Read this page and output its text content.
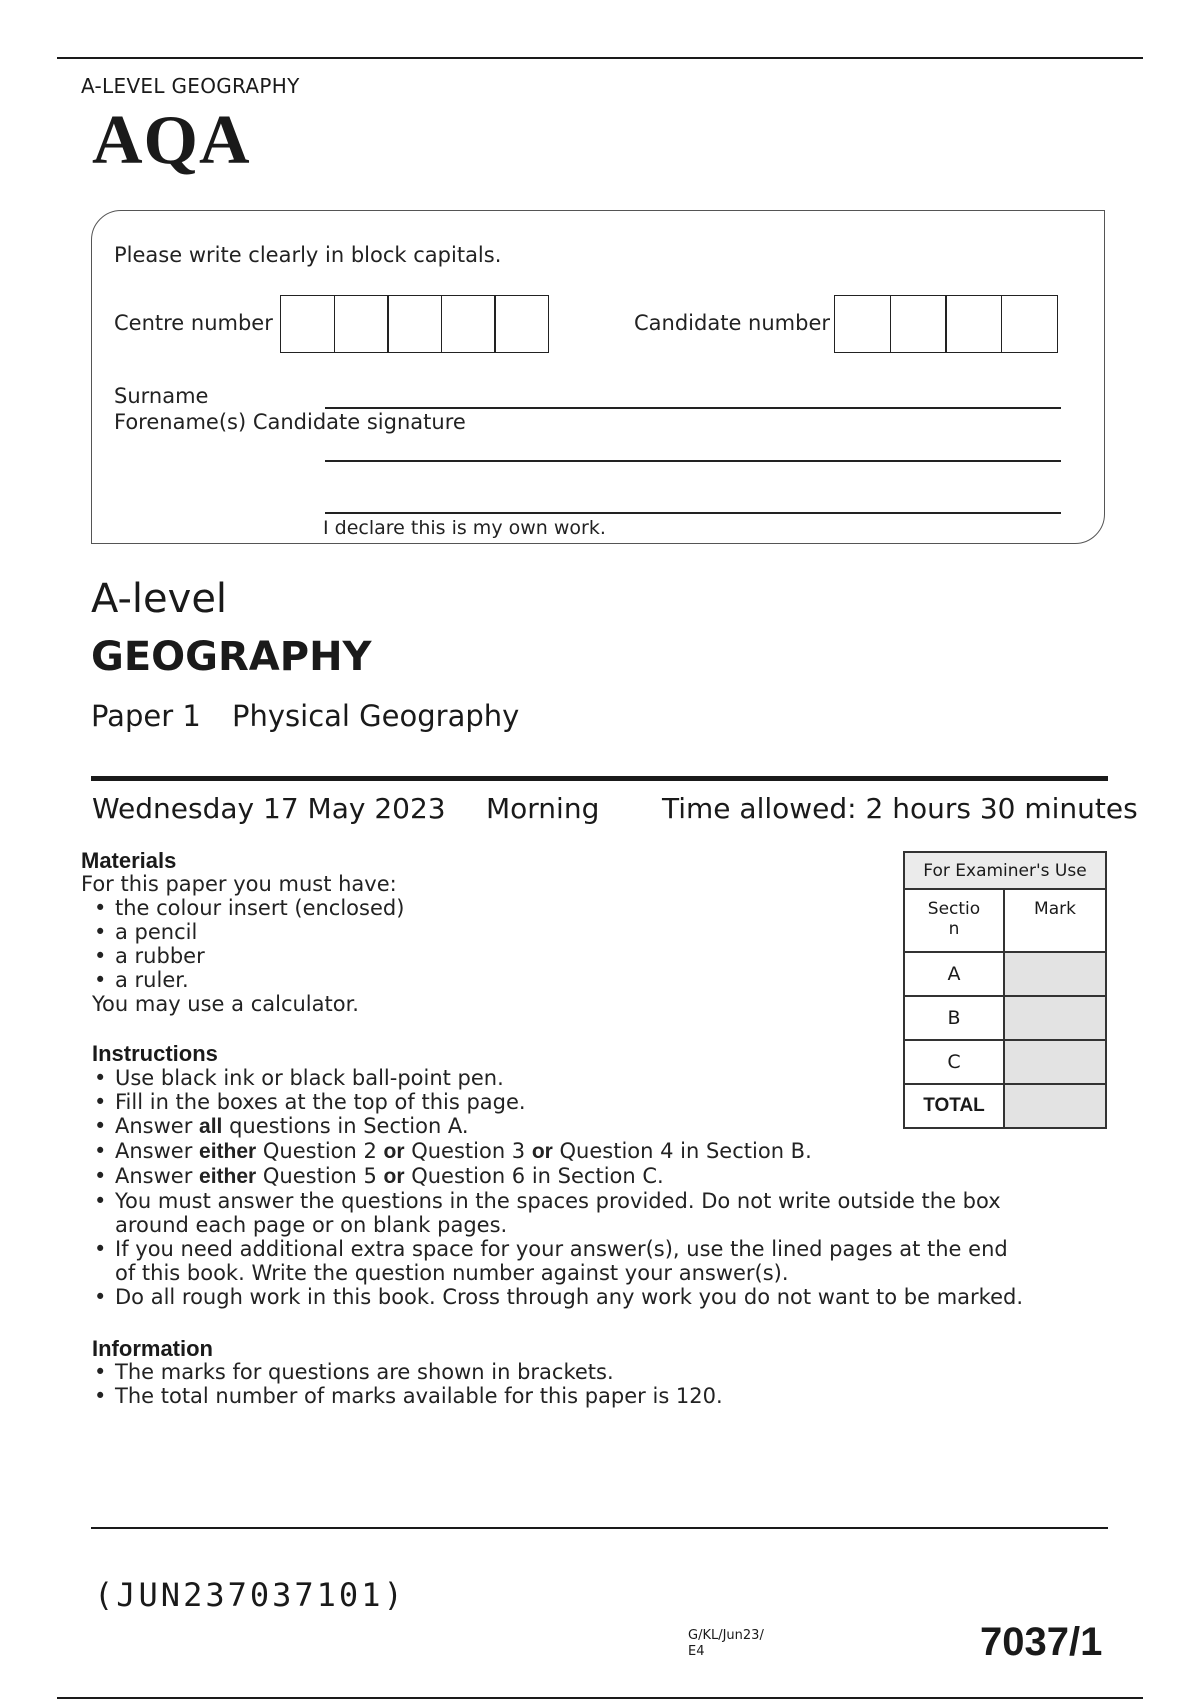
A-LEVEL GEOGRAPHY
AQA
Please write clearly in block capitals.
Centre number	Candidate number
Surname
Forename(s) Candidate signature
I declare this is my own work.
A-level
GEOGRAPHY
Paper 1 Physical Geography
Wednesday 17 May 2023 Morning Time allowed: 2 hours 30 minutes
Materials
For this paper you must have:
• the colour insert (enclosed)
• a pencil
• a rubber
• a ruler.
You may use a calculator.
Instructions
• Use black ink or black ball-point pen.
• Fill in the boxes at the top of this page.
• Answer all questions in Section A.
• Answer either Question 2 or Question 3 or Question 4 in Section B.
• Answer either Question 5 or Question 6 in Section C.
• You must answer the questions in the spaces provided. Do not write outside the box
around each page or on blank pages.
• If you need additional extra space for your answer(s), use the lined pages at the end
of this book. Write the question number against your answer(s).
• Do all rough work in this book. Cross through any work you do not want to be marked.
Information
• The marks for questions are shown in brackets.
• The total number of marks available for this paper is 120.
For Examiner's Use	
Sectio
n	Mark
A	
B	
C	
TOTAL	
(JUN237037101)
G/KL/Jun23/
E4	7037/1
